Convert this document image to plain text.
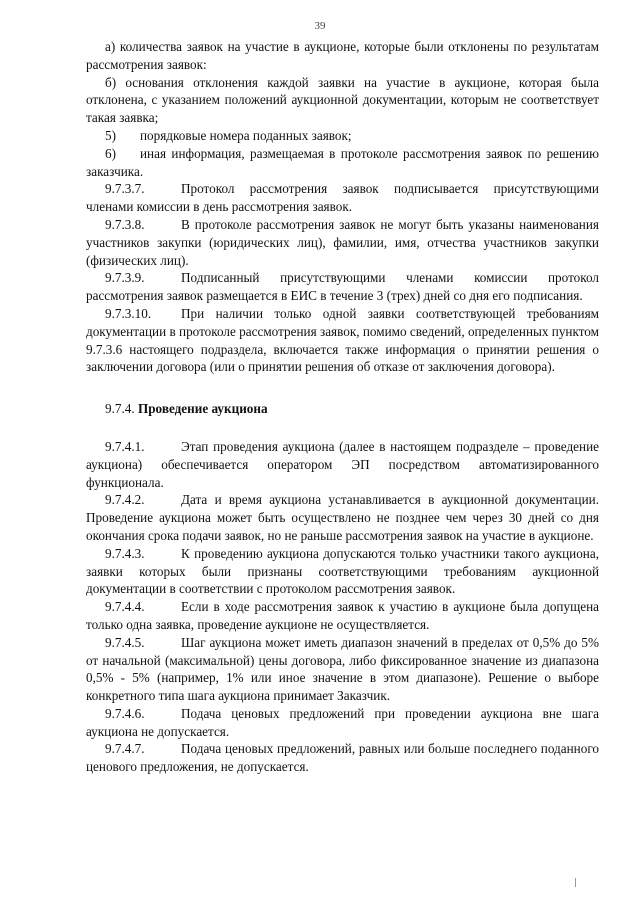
39

а) количества заявок на участие в аукционе, которые были отклонены по результатам рассмотрения заявок:

б) основания отклонения каждой заявки на участие в аукционе, которая была отклонена, с указанием положений аукционной документации, которым не соответствует такая заявка;

5) порядковые номера поданных заявок;

6) иная информация, размещаемая в протоколе рассмотрения заявок по решению заказчика.

9.7.3.7.	Протокол рассмотрения заявок подписывается присутствующими членами комиссии в день рассмотрения заявок.

9.7.3.8.	В протоколе рассмотрения заявок не могут быть указаны наименования участников закупки (юридических лиц), фамилии, имя, отчества участников закупки (физических лиц).

9.7.3.9.	Подписанный присутствующими членами комиссии протокол рассмотрения заявок размещается в ЕИС в течение 3 (трех) дней со дня его подписания.

9.7.3.10. При наличии только одной заявки соответствующей требованиям документации в протоколе рассмотрения заявок, помимо сведений, определенных пунктом 9.7.3.6 настоящего подраздела, включается также информация о принятии решения о заключении договора (или о принятии решения об отказе от заключения договора).

9.7.4. Проведение аукциона

9.7.4.1.	Этап проведения аукциона (далее в настоящем подразделе – проведение аукциона) обеспечивается оператором ЭП посредством автоматизированного функционала.

9.7.4.2.	Дата и время аукциона устанавливается в аукционной документации. Проведение аукциона может быть осуществлено не позднее чем через 30 дней со дня окончания срока подачи заявок, но не раньше рассмотрения заявок на участие в аукционе.

9.7.4.3.	К проведению аукциона допускаются только участники такого аукциона, заявки которых были признаны соответствующими требованиям аукционной документации в соответствии с протоколом рассмотрения заявок.

9.7.4.4.	Если в ходе рассмотрения заявок к участию в аукционе была допущена только одна заявка, проведение аукционе не осуществляется.

9.7.4.5.	Шаг аукциона может иметь диапазон значений в пределах от 0,5% до 5% от начальной (максимальной) цены договора, либо фиксированное значение из диапазона 0,5% - 5% (например, 1% или иное значение в этом диапазоне). Решение о выборе конкретного типа шага аукциона принимает Заказчик.

9.7.4.6.	Подача ценовых предложений при проведении аукциона вне шага аукциона не допускается.

9.7.4.7.	Подача ценовых предложений, равных или больше последнего поданного ценового предложения, не допускается.
